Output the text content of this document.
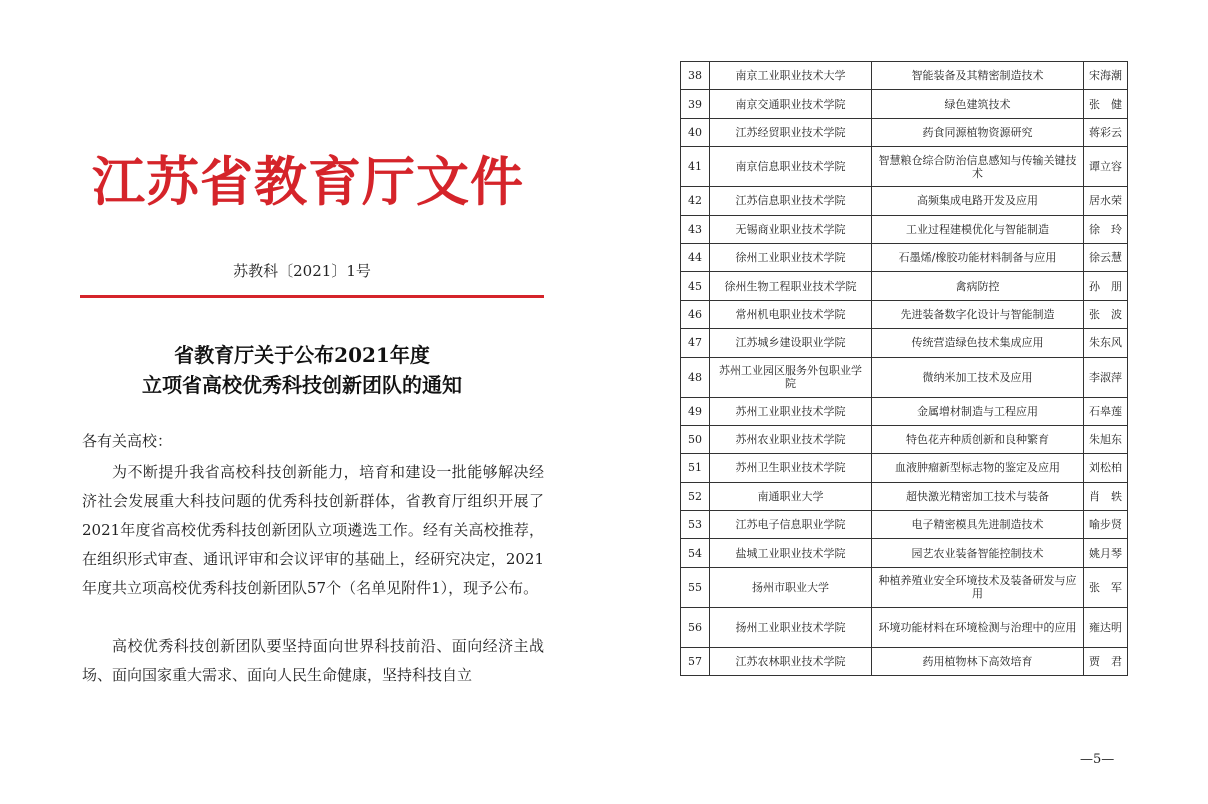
江苏省教育厅文件
苏教科〔2021〕1号
省教育厅关于公布2021年度
立项省高校优秀科技创新团队的通知
各有关高校：

为不断提升我省高校科技创新能力，培育和建设一批能够解决经济社会发展重大科技问题的优秀科技创新群体，省教育厅组织开展了2021年度省高校优秀科技创新团队立项遴选工作。经有关高校推荐，在组织形式审查、通讯评审和会议评审的基础上，经研究决定，2021年度共立项高校优秀科技创新团队57个（名单见附件1），现予公布。

高校优秀科技创新团队要坚持面向世界科技前沿、面向经济主战场、面向国家重大需求、面向人民生命健康，坚持科技自立

38	南京工业职业技术大学	智能装备及其精密制造技术	宋海潮
39	南京交通职业技术学院	绿色建筑技术	张　健
40	江苏经贸职业技术学院	药食同源植物资源研究	蒋彩云
41	南京信息职业技术学院	智慧粮仓综合防治信息感知与传输关键技术	谭立容
42	江苏信息职业技术学院	高频集成电路开发及应用	居水荣
43	无锡商业职业技术学院	工业过程建模优化与智能制造	徐　玲
44	徐州工业职业技术学院	石墨烯/橡胶功能材料制备与应用	徐云慧
45	徐州生物工程职业技术学院	禽病防控	孙　朋
46	常州机电职业技术学院	先进装备数字化设计与智能制造	张　波
47	江苏城乡建设职业学院	传统营造绿色技术集成应用	朱东风
48	苏州工业园区服务外包职业学院	微纳米加工技术及应用	李淑萍
49	苏州工业职业技术学院	金属增材制造与工程应用	石皋莲
50	苏州农业职业技术学院	特色花卉种质创新和良种繁育	朱旭东
51	苏州卫生职业技术学院	血液肿瘤新型标志物的鉴定及应用	刘松柏
52	南通职业大学	超快激光精密加工技术与装备	肖　轶
53	江苏电子信息职业学院	电子精密模具先进制造技术	喻步贤
54	盐城工业职业技术学院	园艺农业装备智能控制技术	姚月琴
55	扬州市职业大学	种植养殖业安全环境技术及装备研发与应用	张　军
56	扬州工业职业技术学院	环境功能材料在环境检测与治理中的应用	雍达明
57	江苏农林职业技术学院	药用植物林下高效培育	贾　君
—5—
